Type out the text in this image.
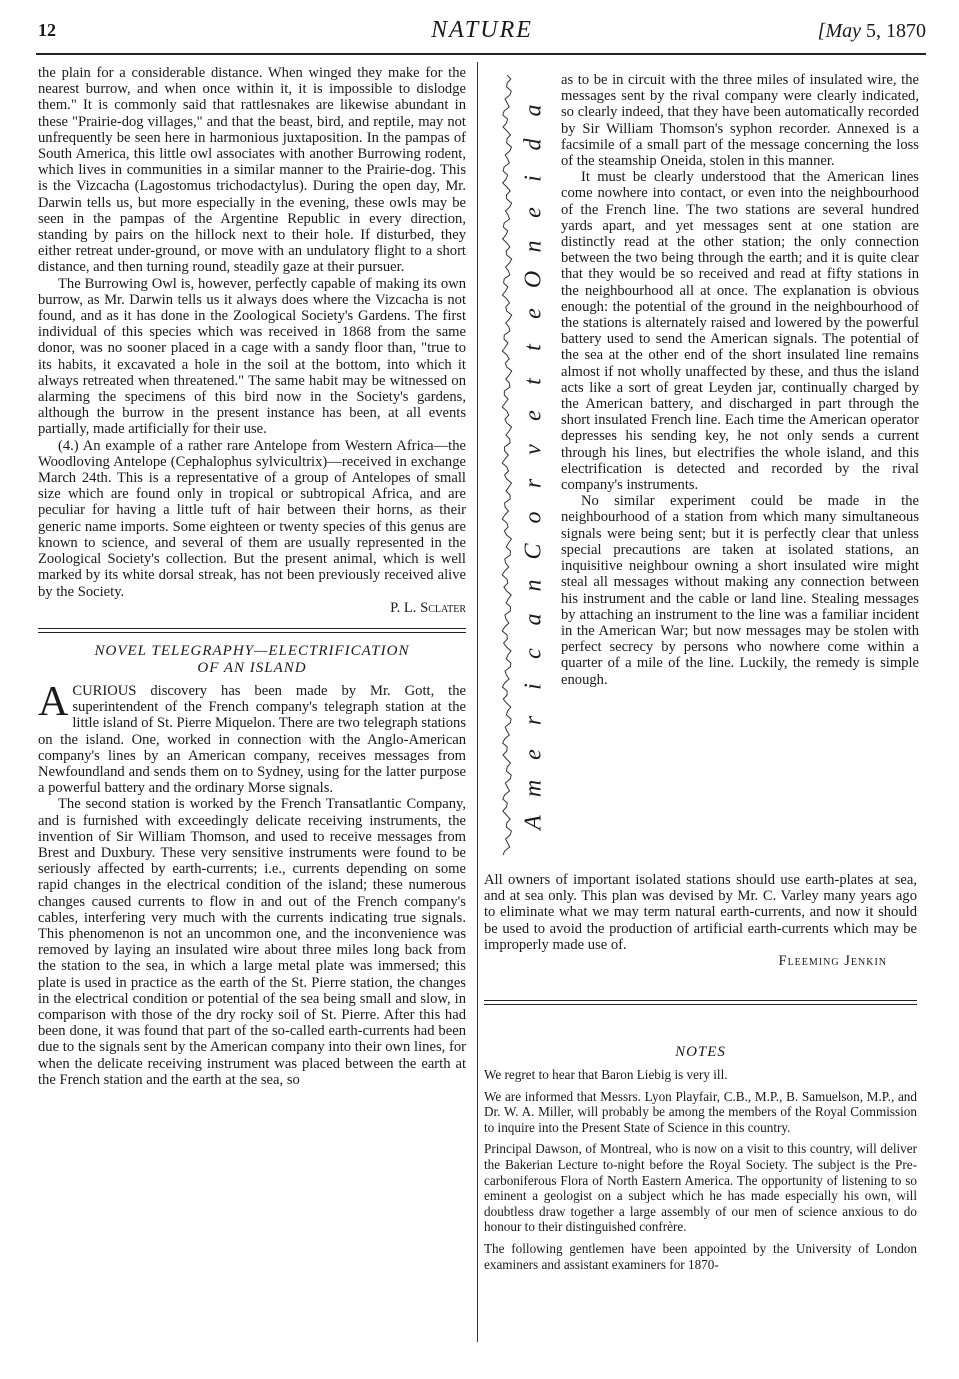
12	NATURE	[May 5, 1870

the plain for a considerable distance. When winged they make for the nearest burrow, and when once within it, it is impossible to dislodge them." It is commonly said that rattlesnakes are likewise abundant in these "Prairie-dog villages," and that the beast, bird, and reptile, may not unfrequently be seen here in harmonious juxtaposition. In the pampas of South America, this little owl associates with another Burrowing rodent, which lives in communities in a similar manner to the Prairie-dog. This is the Vizcacha (Lagostomus trichodactylus). During the open day, Mr. Darwin tells us, but more especially in the evening, these owls may be seen in the pampas of the Argentine Republic in every direction, standing by pairs on the hillock next to their hole. If disturbed, they either retreat under-ground, or move with an undulatory flight to a short distance, and then turning round, steadily gaze at their pursuer.

The Burrowing Owl is, however, perfectly capable of making its own burrow, as Mr. Darwin tells us it always does where the Vizcacha is not found, and as it has done in the Zoological Society's Gardens. The first individual of this species which was received in 1868 from the same donor, was no sooner placed in a cage with a sandy floor than, "true to its habits, it excavated a hole in the soil at the bottom, into which it always retreated when threatened." The same habit may be witnessed on alarming the specimens of this bird now in the Society's gardens, although the burrow in the present instance has been, at all events partially, made artificially for their use.

(4.) An example of a rather rare Antelope from Western Africa—the Woodloving Antelope (Cephalophus sylvicultrix)—received in exchange March 24th. This is a representative of a group of Antelopes of small size which are found only in tropical or subtropical Africa, and are peculiar for having a little tuft of hair between their horns, as their generic name imports. Some eighteen or twenty species of this genus are known to science, and several of them are usually represented in the Zoological Society's collection. But the present animal, which is well marked by its white dorsal streak, has not been previously received alive by the Society.

P. L. Sclater
NOVEL TELEGRAPHY—ELECTRIFICATION
OF AN ISLAND

ACURIOUS discovery has been made by Mr. Gott, the superintendent of the French company's telegraph station at the little island of St. Pierre Miquelon. There are two telegraph stations on the island. One, worked in connection with the Anglo-American company's lines by an American company, receives messages from Newfoundland and sends them on to Sydney, using for the latter purpose a powerful battery and the ordinary Morse signals.

The second station is worked by the French Transatlantic Company, and is furnished with exceedingly delicate receiving instruments, the invention of Sir William Thomson, and used to receive messages from Brest and Duxbury. These very sensitive instruments were found to be seriously affected by earth-currents; i.e., currents depending on some rapid changes in the electrical condition of the island; these numerous changes caused currents to flow in and out of the French company's cables, interfering very much with the currents indicating true signals. This phenomenon is not an uncommon one, and the inconvenience was removed by laying an insulated wire about three miles long back from the station to the sea, in which a large metal plate was immersed; this plate is used in practice as the earth of the St. Pierre station, the changes in the electrical condition or potential of the sea being small and slow, in comparison with those of the dry rocky soil of St. Pierre. After this had been done, it was found that part of the so-called earth-currents had been due to the signals sent by the American company into their own lines, for when the delicate receiving instrument was placed between the earth at the French station and the earth at the sea, so

A
m
e
r
i
c
a
n
C
o
r
v
e
t
t
e
O
n
e
i
d
a

as to be in circuit with the three miles of insulated wire, the messages sent by the rival company were clearly indicated, so clearly indeed, that they have been automatically recorded by Sir William Thomson's syphon recorder. Annexed is a facsimile of a small part of the message concerning the loss of the steamship Oneida, stolen in this manner.

It must be clearly understood that the American lines come nowhere into contact, or even into the neighbourhood of the French line. The two stations are several hundred yards apart, and yet messages sent at one station are distinctly read at the other station; the only connection between the two being through the earth; and it is quite clear that they would be so received and read at fifty stations in the neighbourhood all at once. The explanation is obvious enough: the potential of the ground in the neighbourhood of the stations is alternately raised and lowered by the powerful battery used to send the American signals. The potential of the sea at the other end of the short insulated line remains almost if not wholly unaffected by these, and thus the island acts like a sort of great Leyden jar, continually charged by the American battery, and discharged in part through the short insulated French line. Each time the American operator depresses his sending key, he not only sends a current through his lines, but electrifies the whole island, and this electrification is detected and recorded by the rival company's instruments.

No similar experiment could be made in the neighbourhood of a station from which many simultaneous signals were being sent; but it is perfectly clear that unless special precautions are taken at isolated stations, an inquisitive neighbour owning a short insulated wire might steal all messages without making any connection between his instrument and the cable or land line. Stealing messages by attaching an instrument to the line was a familiar incident in the American War; but now messages may be stolen with perfect secrecy by persons who nowhere come within a quarter of a mile of the line. Luckily, the remedy is simple enough.

All owners of important isolated stations should use earth-plates at sea, and at sea only. This plan was devised by Mr. C. Varley many years ago to eliminate what we may term natural earth-currents, and now it should be used to avoid the production of artificial earth-currents which may be improperly made use of.

Fleeming Jenkin
NOTES

We regret to hear that Baron Liebig is very ill.

We are informed that Messrs. Lyon Playfair, C.B., M.P., B. Samuelson, M.P., and Dr. W. A. Miller, will probably be among the members of the Royal Commission to inquire into the Present State of Science in this country.

Principal Dawson, of Montreal, who is now on a visit to this country, will deliver the Bakerian Lecture to-night before the Royal Society. The subject is the Pre-carboniferous Flora of North Eastern America. The opportunity of listening to so eminent a geologist on a subject which he has made especially his own, will doubtless draw together a large assembly of our men of science anxious to do honour to their distinguished confrère.

The following gentlemen have been appointed by the University of London examiners and assistant examiners for 1870-
